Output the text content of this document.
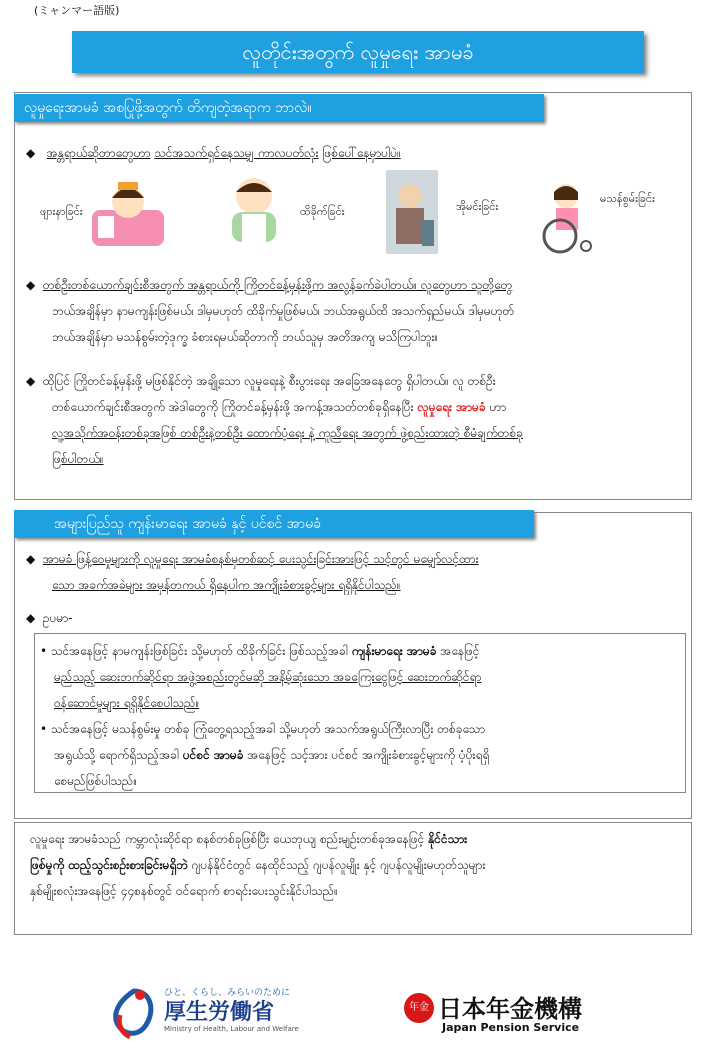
(ミャンマー語版)
လူတိုင်းအတွက် လူမှုရေး အာမခံ
လူမှုရေးအာမခံ အစပြုဖို့အတွက် တိကျတဲ့အရာက ဘာလဲ။
◆   အန္တရာယ်ဆိုတာတွေဟာ သင်အသက်ရှင်နေသမျှ ကာလပတ်လုံး ဖြစ်ပေါ်နေမှာပါပဲ။
ဖျားနာခြင်း	ထိခိုက်ခြင်း	အိုမင်းခြင်း
မသန်စွမ်းခြင်း
◆  တစ်ဦးတစ်ယောက်ချင်းစီအတွက် အန္တရာယ်ကို ကြိုတင်ခန့်မှန်းဖို့က အလွန်ခက်ခဲပါတယ်။ လူတွေဟာ သူတို့တွေ
ဘယ်အချိန်မှာ နာမကျန်းဖြစ်မယ်၊ ဒါမှမဟုတ် ထိခိုက်မှုဖြစ်မယ်၊ ဘယ်အရွယ်ထိ အသက်ရှည်မယ်၊ ဒါမှမဟုတ်
ဘယ်အချိန်မှာ မသန်စွမ်းတဲ့ဒုက္ခ ခံစားရမယ်ဆိုတာကို ဘယ်သူမှ အတိအကျ မသိကြပါဘူး။
◆  ထိုပြင် ကြိုတင်ခန့်မှန်းဖို့ မဖြစ်နိုင်တဲ့ အချို့သော လူမှုရေးနဲ့ စီးပွားရေး အခြေအနေတွေ ရှိပါတယ်။ လူ တစ်ဦး
တစ်ယောက်ချင်းစီအတွက် အဲဒါတွေကို ကြိုတင်ခန့်မှန်းဖို့ အကန့်အသတ်တစ်ခုရှိနေပြီး လူမှုရေး အာမခံ ဟာ
လူ့အသိုက်အဝန်းတစ်ခုအဖြစ် တစ်ဦးနဲ့တစ်ဦး ထောက်ပံ့ရေး နဲ့ ကူညီရေး အတွက် ဖွဲ့စည်းထားတဲ့ စီမံချက်တစ်ခု
ဖြစ်ပါတယ်။
အများပြည်သူ ကျန်းမာရေး အာမခံ နှင့် ပင်စင် အာမခံ
◆  အာမခံ ဖြန့်ဝေမှုများကို လူမှုရေး အာမခံစနစ်မှတစ်ဆင့် ပေးသွင်းခြင်းအားဖြင့် သင့်တွင် မမျှော်လင့်ထား
သော အခက်အခဲများ အမှန်တကယ် ရှိနေပါက အကျိုးခံစားခွင့်များ ရရှိနိုင်ပါသည်။
◆  ဥပမာ-
• သင်အနေဖြင့် နာမကျန်းဖြစ်ခြင်း သို့မဟုတ် ထိခိုက်ခြင်း ဖြစ်သည့်အခါ ကျန်းမာရေး အာမခံ အနေဖြင့်
မည်သည့် ဆေးဘက်ဆိုင်ရာ အဖွဲ့အစည်းတွင်မဆို အနိမ့်ဆုံးသော အခကြေးငွေဖြင့် ဆေးဘက်ဆိုင်ရာ
ဝန်ဆောင်မှုများ ရရှိနိုင်စေပါသည်။
• သင်အနေဖြင့် မသန်စွမ်းမှု တစ်ခု ကြုံတွေ့ရသည့်အခါ သို့မဟုတ် အသက်အရွယ်ကြီးလာပြီး တစ်ခုသော
အရွယ်သို့ ရောက်ရှိသည့်အခါ ပင်စင် အာမခံ အနေဖြင့် သင့်အား ပင်စင် အကျိုးခံစားခွင့်များကို ပံ့ပိုးရရှိ
စေမည်ဖြစ်ပါသည်။
လူမှုရေး အာမခံသည် ကမ္ဘာလုံးဆိုင်ရာ စနစ်တစ်ခုဖြစ်ပြီး ယေဘုယျ စည်းမျဉ်းတစ်ခုအနေဖြင့် နိုင်ငံသား
ဖြစ်မှုကို ထည့်သွင်းစဉ်းစားခြင်းမရှိဘဲ ဂျပန်နိုင်ငံတွင် နေထိုင်သည့် ဂျပန်လူမျိုး နှင့် ဂျပန်လူမျိုးမဟုတ်သူများ
နှစ်မျိုးစလုံးအနေဖြင့် ၄၄စနစ်တွင် ဝင်ရောက် စာရင်းပေးသွင်းနိုင်ပါသည်။
ひと、くらし、みらいのために
厚生労働省
Ministry of Health, Labour and Welfare
年金 日本年金機構
Japan Pension Service
